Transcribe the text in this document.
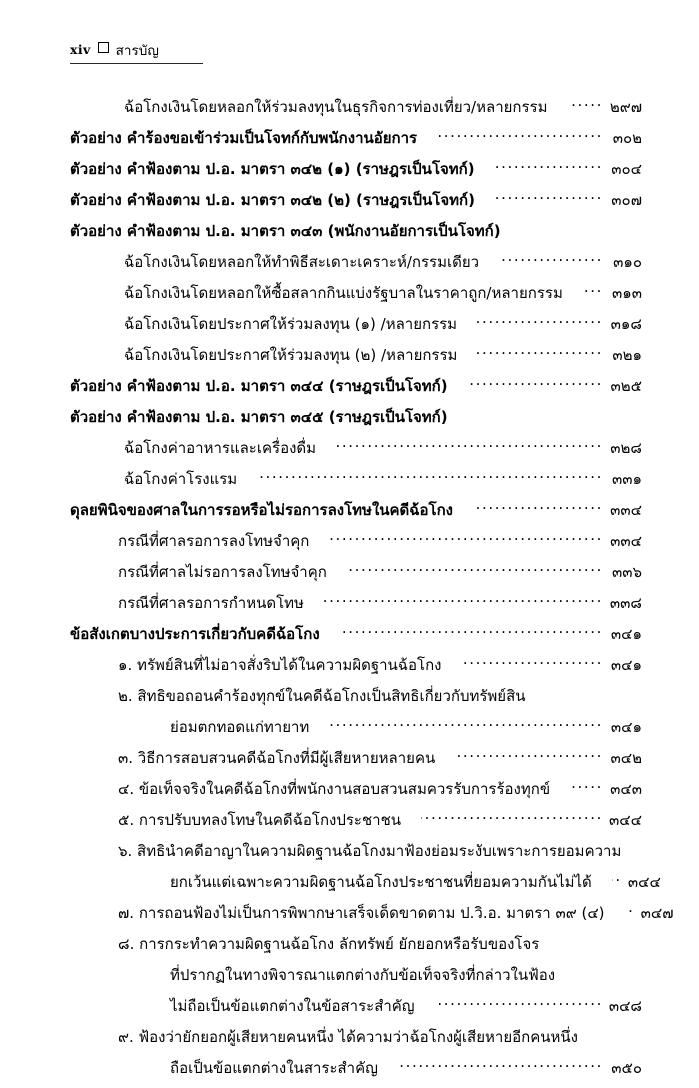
xiv สารบัญ
ฉ้อโกงเงินโดยหลอกให้ร่วมลงทุนในธุรกิจการท่องเที่ยว/หลายกรรม .....	๒๙๗
ตัวอย่าง คำร้องขอเข้าร่วมเป็นโจทก์กับพนักงานอัยการ .....	๓๐๒
ตัวอย่าง คำฟ้องตาม ป.อ. มาตรา ๓๔๒ (๑) (ราษฎรเป็นโจทก์) .....	๓๐๔
ตัวอย่าง คำฟ้องตาม ป.อ. มาตรา ๓๔๒ (๒) (ราษฎรเป็นโจทก์) .....	๓๐๗
ตัวอย่าง คำฟ้องตาม ป.อ. มาตรา ๓๔๓ (พนักงานอัยการเป็นโจทก์)
ฉ้อโกงเงินโดยหลอกให้ทำพิธีสะเดาะเคราะห์/กรรมเดียว .....	๓๑๐
ฉ้อโกงเงินโดยหลอกให้ซื้อสลากกินแบ่งรัฐบาลในราคาถูก/หลายกรรม .....	๓๑๓
ฉ้อโกงเงินโดยประกาศให้ร่วมลงทุน (๑) /หลายกรรม .....	๓๑๘
ฉ้อโกงเงินโดยประกาศให้ร่วมลงทุน (๒) /หลายกรรม .....	๓๒๑
ตัวอย่าง คำฟ้องตาม ป.อ. มาตรา ๓๔๔ (ราษฎรเป็นโจทก์) .....	๓๒๕
ตัวอย่าง คำฟ้องตาม ป.อ. มาตรา ๓๔๕ (ราษฎรเป็นโจทก์)
ฉ้อโกงค่าอาหารและเครื่องดื่ม .....	๓๒๘
ฉ้อโกงค่าโรงแรม .....	๓๓๑
ดุลยพินิจของศาลในการรอหรือไม่รอการลงโทษในคดีฉ้อโกง .....	๓๓๔
กรณีที่ศาลรอการลงโทษจำคุก .....	๓๓๔
กรณีที่ศาลไม่รอการลงโทษจำคุก .....	๓๓๖
กรณีที่ศาลรอการกำหนดโทษ .....	๓๓๘
ข้อสังเกตบางประการเกี่ยวกับคดีฉ้อโกง .....	๓๔๑
๑. ทรัพย์สินที่ไม่อาจสั่งริบได้ในความผิดฐานฉ้อโกง .....	๓๔๑
๒. สิทธิขอถอนคำร้องทุกข์ในคดีฉ้อโกงเป็นสิทธิเกี่ยวกับทรัพย์สิน
ย่อมตกทอดแก่ทายาท .....	๓๔๑
๓. วิธีการสอบสวนคดีฉ้อโกงที่มีผู้เสียหายหลายคน .....	๓๔๒
๔. ข้อเท็จจริงในคดีฉ้อโกงที่พนักงานสอบสวนสมควรรับการร้องทุกข์ .....	๓๔๓
๕. การปรับบทลงโทษในคดีฉ้อโกงประชาชน .....	๓๔๔
๖. สิทธินำคดีอาญาในความผิดฐานฉ้อโกงมาฟ้องย่อมระงับเพราะการยอมความ
ยกเว้นแต่เฉพาะความผิดฐานฉ้อโกงประชาชนที่ยอมความกันไม่ได้ ..... ๓๔๔
๗. การถอนฟ้องไม่เป็นการพิพากษาเสร็จเด็ดขาดตาม ป.วิ.อ. มาตรา ๓๙ (๔) ..... ๓๔๗
๘. การกระทำความผิดฐานฉ้อโกง ลักทรัพย์ ยักยอกหรือรับของโจร
ที่ปรากฏในทางพิจารณาแตกต่างกับข้อเท็จจริงที่กล่าวในฟ้อง
ไม่ถือเป็นข้อแตกต่างในข้อสาระสำคัญ .....	๓๔๘
๙. ฟ้องว่ายักยอกผู้เสียหายคนหนึ่ง ได้ความว่าฉ้อโกงผู้เสียหายอีกคนหนึ่ง
ถือเป็นข้อแตกต่างในสาระสำคัญ .....	๓๕๐
